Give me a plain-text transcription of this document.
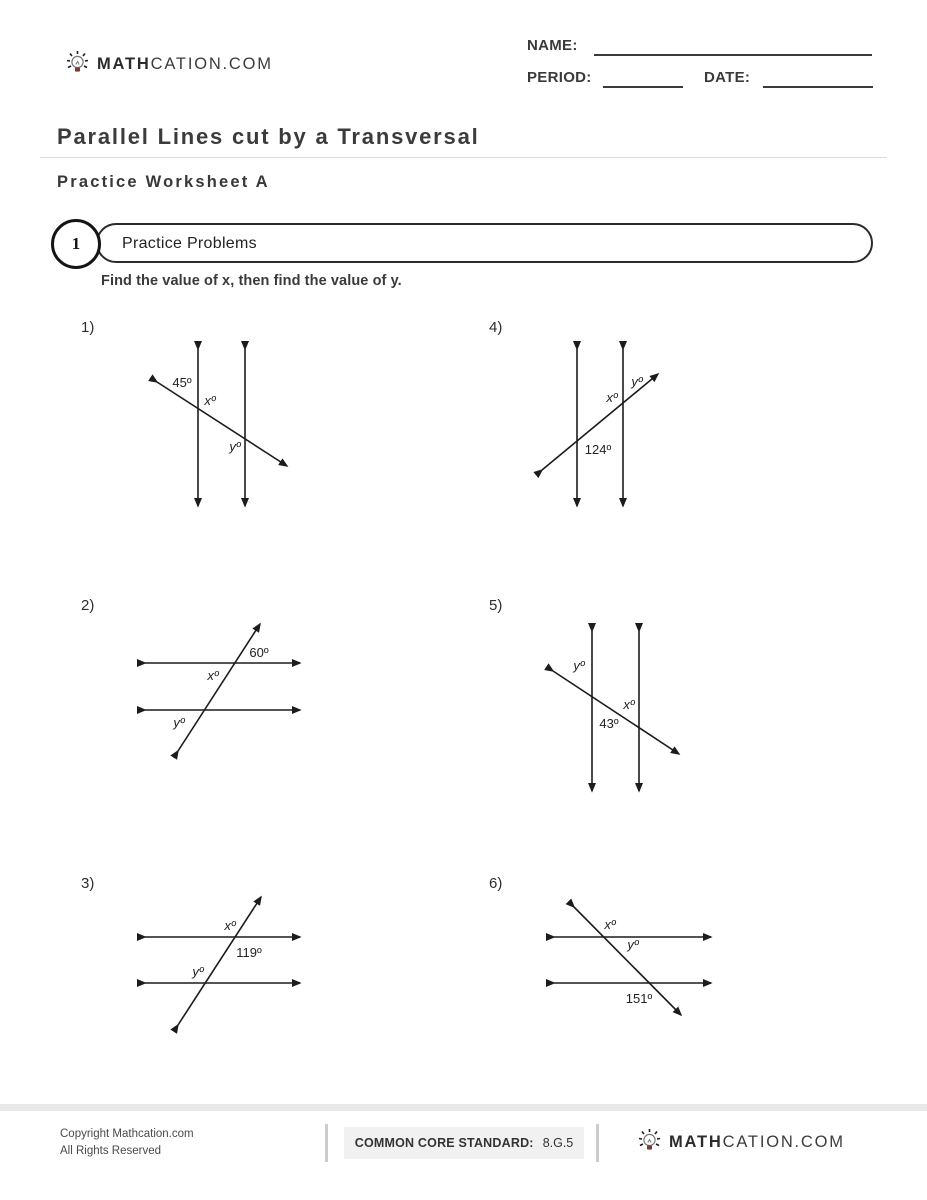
MATHCATION.COM
NAME:
PERIOD:	DATE:
Parallel Lines cut by a Transversal
Practice Worksheet A
Practice Problems
1
Find the value of x, then find the value of y.
1)	4)
2)	5)
3)	6)
45º
xº
yº
yº
xº
124º
60º
xº
yº
yº
xº
43º
xº
119º
yº
xº
yº
151º
Copyright Mathcation.com
All Rights Reserved
COMMON CORE STANDARD: 8.G.5	MATHCATION.COM
